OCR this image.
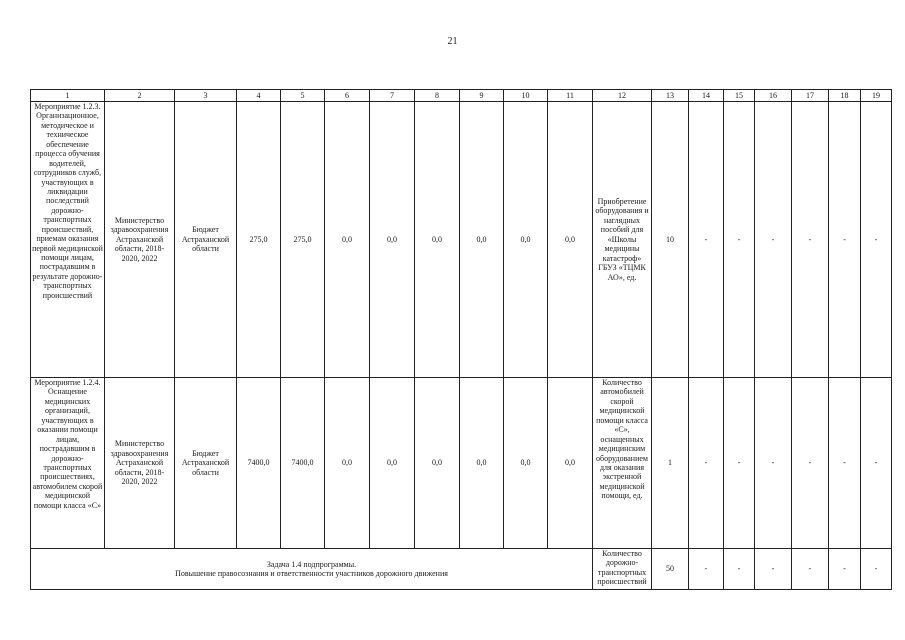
21
1	2	3	4	5	6	7	8	9	10	11	12	13	14	15	16	17	18	19
Мероприятие 1.2.3. Организационное, методическое и техническое обеспечение процесса обучения водителей, сотрудников служб, участвующих в ликвидации последствий дорожно-транспортных происшествий, приемам оказания первой медицинской помощи лицам, пострадавшим в результате дорожно-транспортных происшествий	Министерство здравоохранения Астраханской области, 2018-2020, 2022	Бюджет Астраханской области	275,0	275,0	0,0	0,0	0,0	0,0	0,0	0,0	Приобретение оборудования и наглядных пособий для «Школы медицины катастроф» ГБУЗ «ТЦМК АО», ед.	10	-	-	-	-	-	-
Мероприятие 1.2.4. Оснащение медицинских организаций, участвующих в оказании помощи лицам, пострадавшим в дорожно-транспортных происшествиях, автомобилем скорой медицинской помощи класса «С»	Министерство здравоохранения Астраханской области, 2018-2020, 2022	Бюджет Астраханской области	7400,0	7400,0	0,0	0,0	0,0	0,0	0,0	0,0	Количество автомобилей скорой медицинской помощи класса «С», оснащенных медицинским оборудованием для оказания экстренной медицинской помощи, ед.	1	-	-	-	-	-	-

Задача 1.4 подпрограммы.
Повышение правосознания и ответственности участников дорожного движения											Количество дорожно-транспортных происшествий	50	-	-	-	-	-	-
